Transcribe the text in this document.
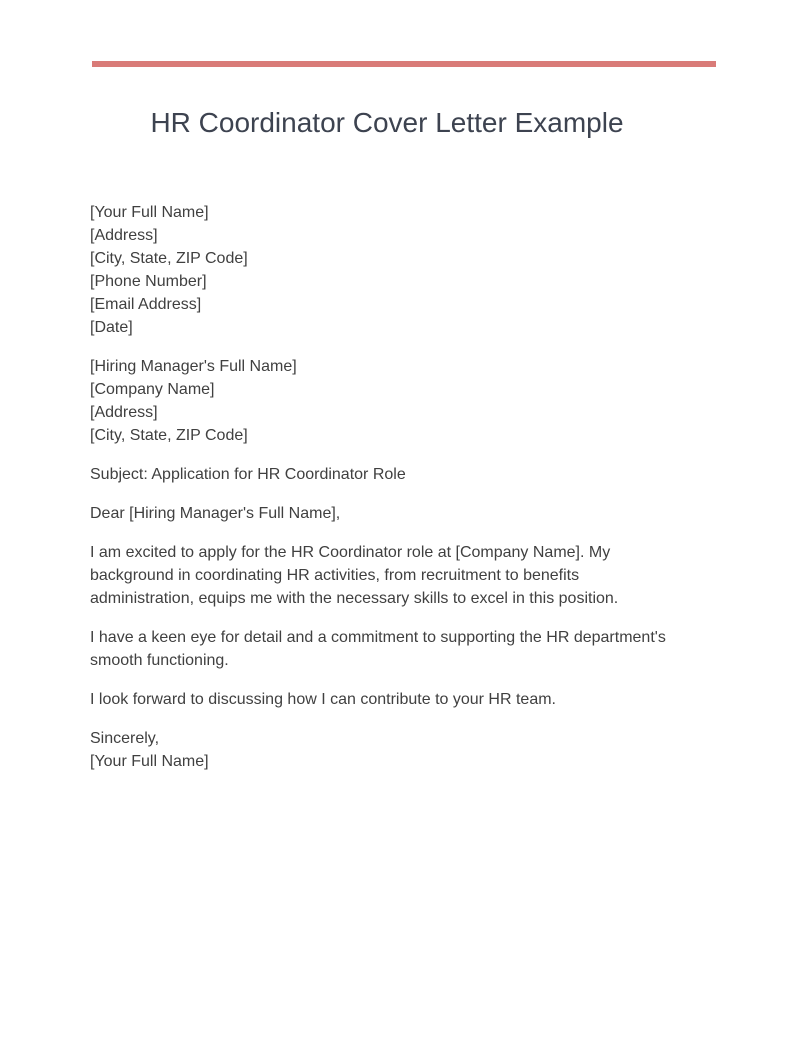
HR Coordinator Cover Letter Example
[Your Full Name]
[Address]
[City, State, ZIP Code]
[Phone Number]
[Email Address]
[Date]
[Hiring Manager's Full Name]
[Company Name]
[Address]
[City, State, ZIP Code]
Subject: Application for HR Coordinator Role
Dear [Hiring Manager's Full Name],
I am excited to apply for the HR Coordinator role at [Company Name]. My
background in coordinating HR activities, from recruitment to benefits
administration, equips me with the necessary skills to excel in this position.
I have a keen eye for detail and a commitment to supporting the HR department's
smooth functioning.
I look forward to discussing how I can contribute to your HR team.
Sincerely,
[Your Full Name]
